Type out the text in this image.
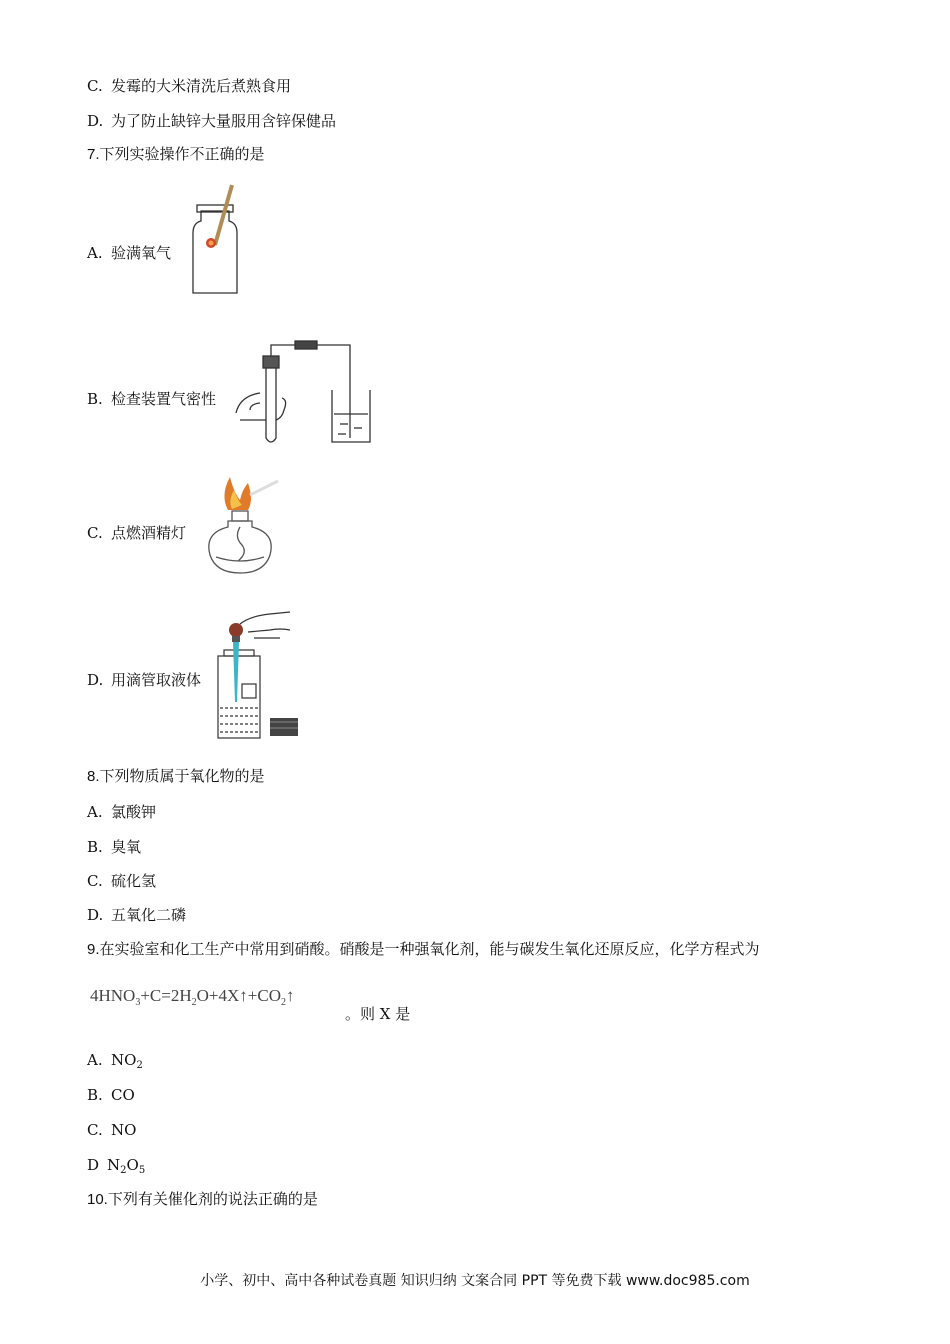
C. 发霉的大米清洗后煮熟食用
D. 为了防止缺锌大量服用含锌保健品
7.下列实验操作不正确的是
A. 验满氧气
B. 检查装置气密性
C. 点燃酒精灯
D. 用滴管取液体
8.下列物质属于氧化物的是
A. 氯酸钾
B. 臭氧
C. 硫化氢
D. 五氧化二磷
9.在实验室和化工生产中常用到硝酸。硝酸是一种强氧化剂，能与碳发生氧化还原反应，化学方程式为
$4HNO_3+C=2H_2O+4X↑+CO_2↑$
。则 X 是
A. $NO_2$
B. CO
C. NO
D $N_2O_5$
10.下列有关催化剂的说法正确的是
小学、初中、高中各种试卷真题 知识归纳 文案合同 PPT 等免费下载 www.doc985.com
